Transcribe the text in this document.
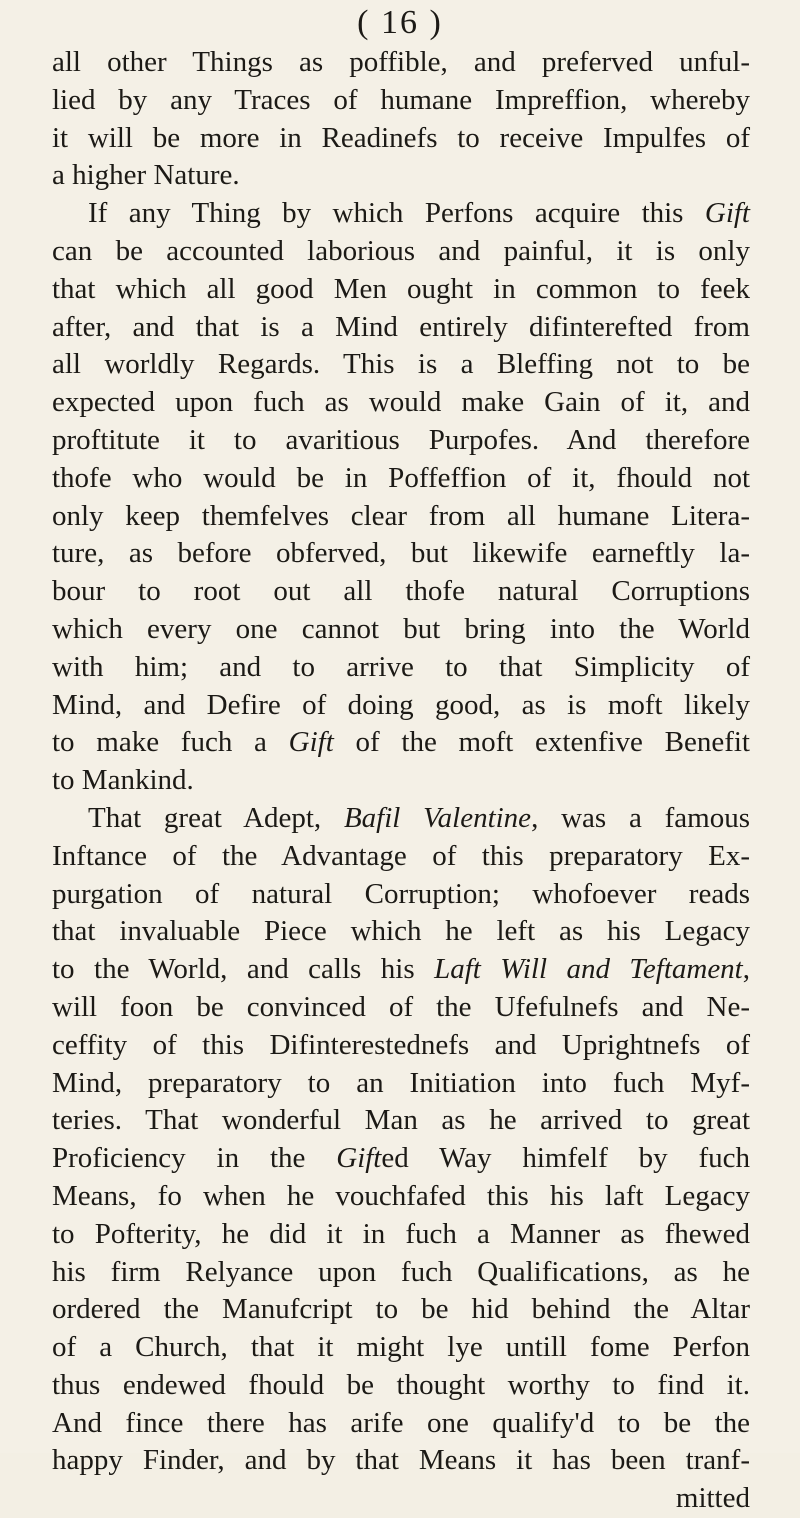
( 16 )
all other Things as poffible, and preferved unful-
lied by any Traces of humane Impreffion, whereby
it will be more in Readinefs to receive Impulfes of
a higher Nature.
If any Thing by which Perfons acquire this Gift
can be accounted laborious and painful, it is only
that which all good Men ought in common to feek
after, and that is a Mind entirely difinterefted from
all worldly Regards. This is a Bleffing not to be
expected upon fuch as would make Gain of it, and
proftitute it to avaritious Purpofes. And therefore
thofe who would be in Poffeffion of it, fhould not
only keep themfelves clear from all humane Litera-
ture, as before obferved, but likewife earneftly la-
bour to root out all thofe natural Corruptions
which every one cannot but bring into the World
with him; and to arrive to that Simplicity of
Mind, and Defire of doing good, as is moft likely
to make fuch a Gift of the moft extenfive Benefit
to Mankind.
That great Adept, Bafil Valentine, was a famous
Inftance of the Advantage of this preparatory Ex-
purgation of natural Corruption; whofoever reads
that invaluable Piece which he left as his Legacy
to the World, and calls his Laft Will and Teftament,
will foon be convinced of the Ufefulnefs and Ne-
ceffity of this Difinterestednefs and Uprightnefs of
Mind, preparatory to an Initiation into fuch Myf-
teries. That wonderful Man as he arrived to great
Proficiency in the Gifted Way himfelf by fuch
Means, fo when he vouchfafed this his laft Legacy
to Pofterity, he did it in fuch a Manner as fhewed
his firm Relyance upon fuch Qualifications, as he
ordered the Manufcript to be hid behind the Altar
of a Church, that it might lye untill fome Perfon
thus endewed fhould be thought worthy to find it.
And fince there has arife one qualify'd to be the
happy Finder, and by that Means it has been tranf-
mitted
